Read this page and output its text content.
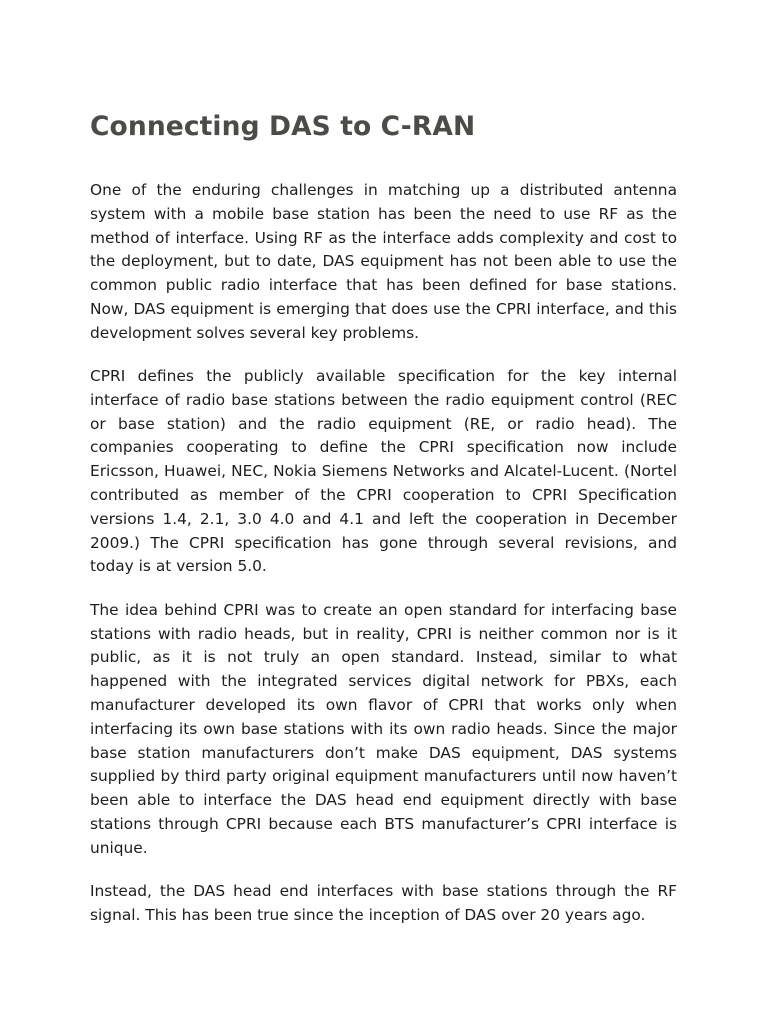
Connecting DAS to C-RAN

One of the enduring challenges in matching up a distributed antenna system with a mobile base station has been the need to use RF as the method of interface. Using RF as the interface adds complexity and cost to the deployment, but to date, DAS equipment has not been able to use the common public radio interface that has been defined for base stations. Now, DAS equipment is emerging that does use the CPRI interface, and this development solves several key problems.

CPRI defines the publicly available specification for the key internal interface of radio base stations between the radio equipment control (REC or base station) and the radio equipment (RE, or radio head). The companies cooperating to define the CPRI specification now include Ericsson, Huawei, NEC, Nokia Siemens Networks and Alcatel-Lucent. (Nortel contributed as member of the CPRI cooperation to CPRI Specification versions 1.4, 2.1, 3.0 4.0 and 4.1 and left the cooperation in December 2009.) The CPRI specification has gone through several revisions, and today is at version 5.0.

The idea behind CPRI was to create an open standard for interfacing base stations with radio heads, but in reality, CPRI is neither common nor is it public, as it is not truly an open standard. Instead, similar to what happened with the integrated services digital network for PBXs, each manufacturer developed its own flavor of CPRI that works only when interfacing its own base stations with its own radio heads. Since the major base station manufacturers don’t make DAS equipment, DAS systems supplied by third party original equipment manufacturers until now haven’t been able to interface the DAS head end equipment directly with base stations through CPRI because each BTS manufacturer’s CPRI interface is unique.

Instead, the DAS head end interfaces with base stations through the RF signal. This has been true since the inception of DAS over 20 years ago.
